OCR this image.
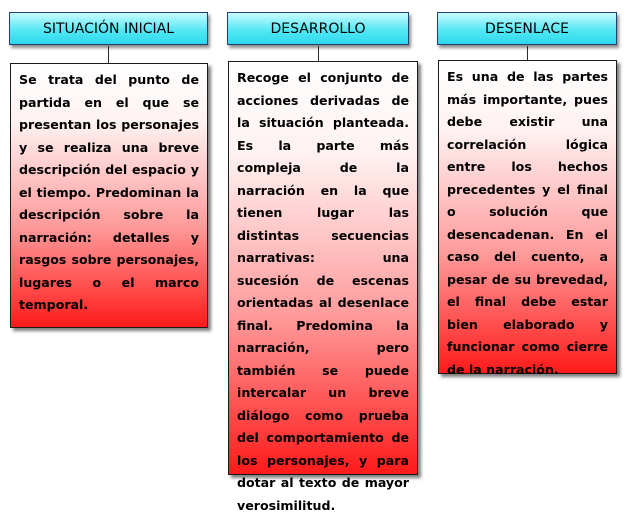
SITUACIÓN INICIAL
Se trata del punto de partida en el que se presentan los personajes y se realiza una breve descripción del espacio y el tiempo. Predominan la descripción sobre la narración: detalles y rasgos sobre personajes, lugares o el marco temporal.
DESARROLLO
Recoge el conjunto de acciones derivadas de la situación planteada. Es la parte más compleja de la narración en la que tienen lugar las distintas secuencias narrativas: una sucesión de escenas orientadas al desenlace final. Predomina la narración, pero también se puede intercalar un breve diálogo como prueba del comportamiento de los personajes, y para dotar al texto de mayor verosimilitud.
DESENLACE
Es una de las partes más importante, pues debe existir una correlación lógica entre los hechos precedentes y el final o solución que desencadenan. En el caso del cuento, a pesar de su brevedad, el final debe estar bien elaborado y funcionar como cierre de la narración.
